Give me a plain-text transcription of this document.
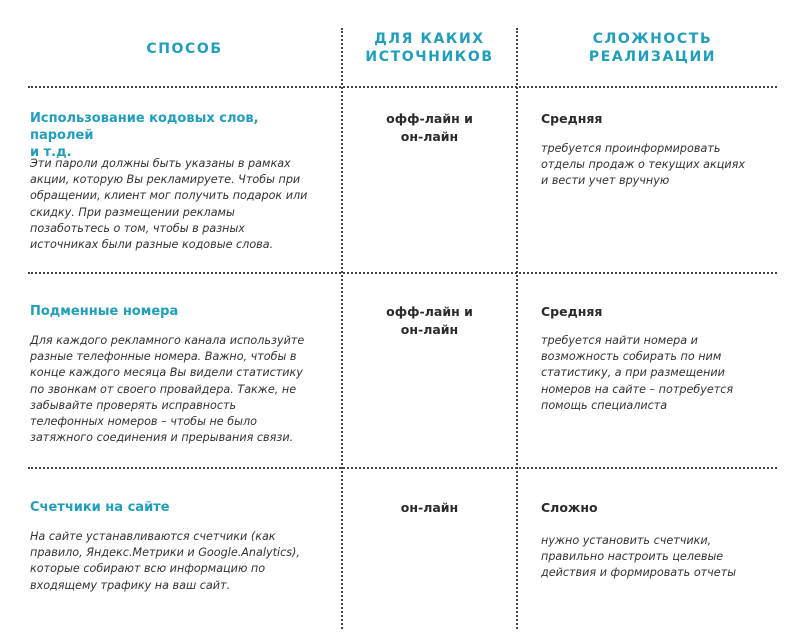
СПОСОБ
ДЛЯ КАКИХ
ИСТОЧНИКОВ
СЛОЖНОСТЬ
РЕАЛИЗАЦИИ
Использование кодовых слов, паролей
и т.д.
Эти пароли должны быть указаны в рамках
акции, которую Вы рекламируете. Чтобы при
обращении, клиент мог получить подарок или
скидку. При размещении рекламы
позаботьтесь о том, чтобы в разных
источниках были разные кодовые слова.
офф-лайн и
он-лайн
Средняя
требуется проинформировать
отделы продаж о текущих акциях
и вести учет вручную
Подменные номера
Для каждого рекламного канала используйте
разные телефонные номера. Важно, чтобы в
конце каждого месяца Вы видели статистику
по звонкам от своего провайдера. Также, не
забывайте проверять исправность
телефонных номеров – чтобы не было
затяжного соединения и прерывания связи.
офф-лайн и
он-лайн
Средняя
требуется найти номера и
возможность собирать по ним
статистику, а при размещении
номеров на сайте – потребуется
помощь специалиста
Счетчики на сайте
На сайте устанавливаются счетчики (как
правило, Яндекс.Метрики и Google.Analytics),
которые собирают всю информацию по
входящему трафику на ваш сайт.
он-лайн	Сложно
нужно установить счетчики,
правильно настроить целевые
действия и формировать отчеты
